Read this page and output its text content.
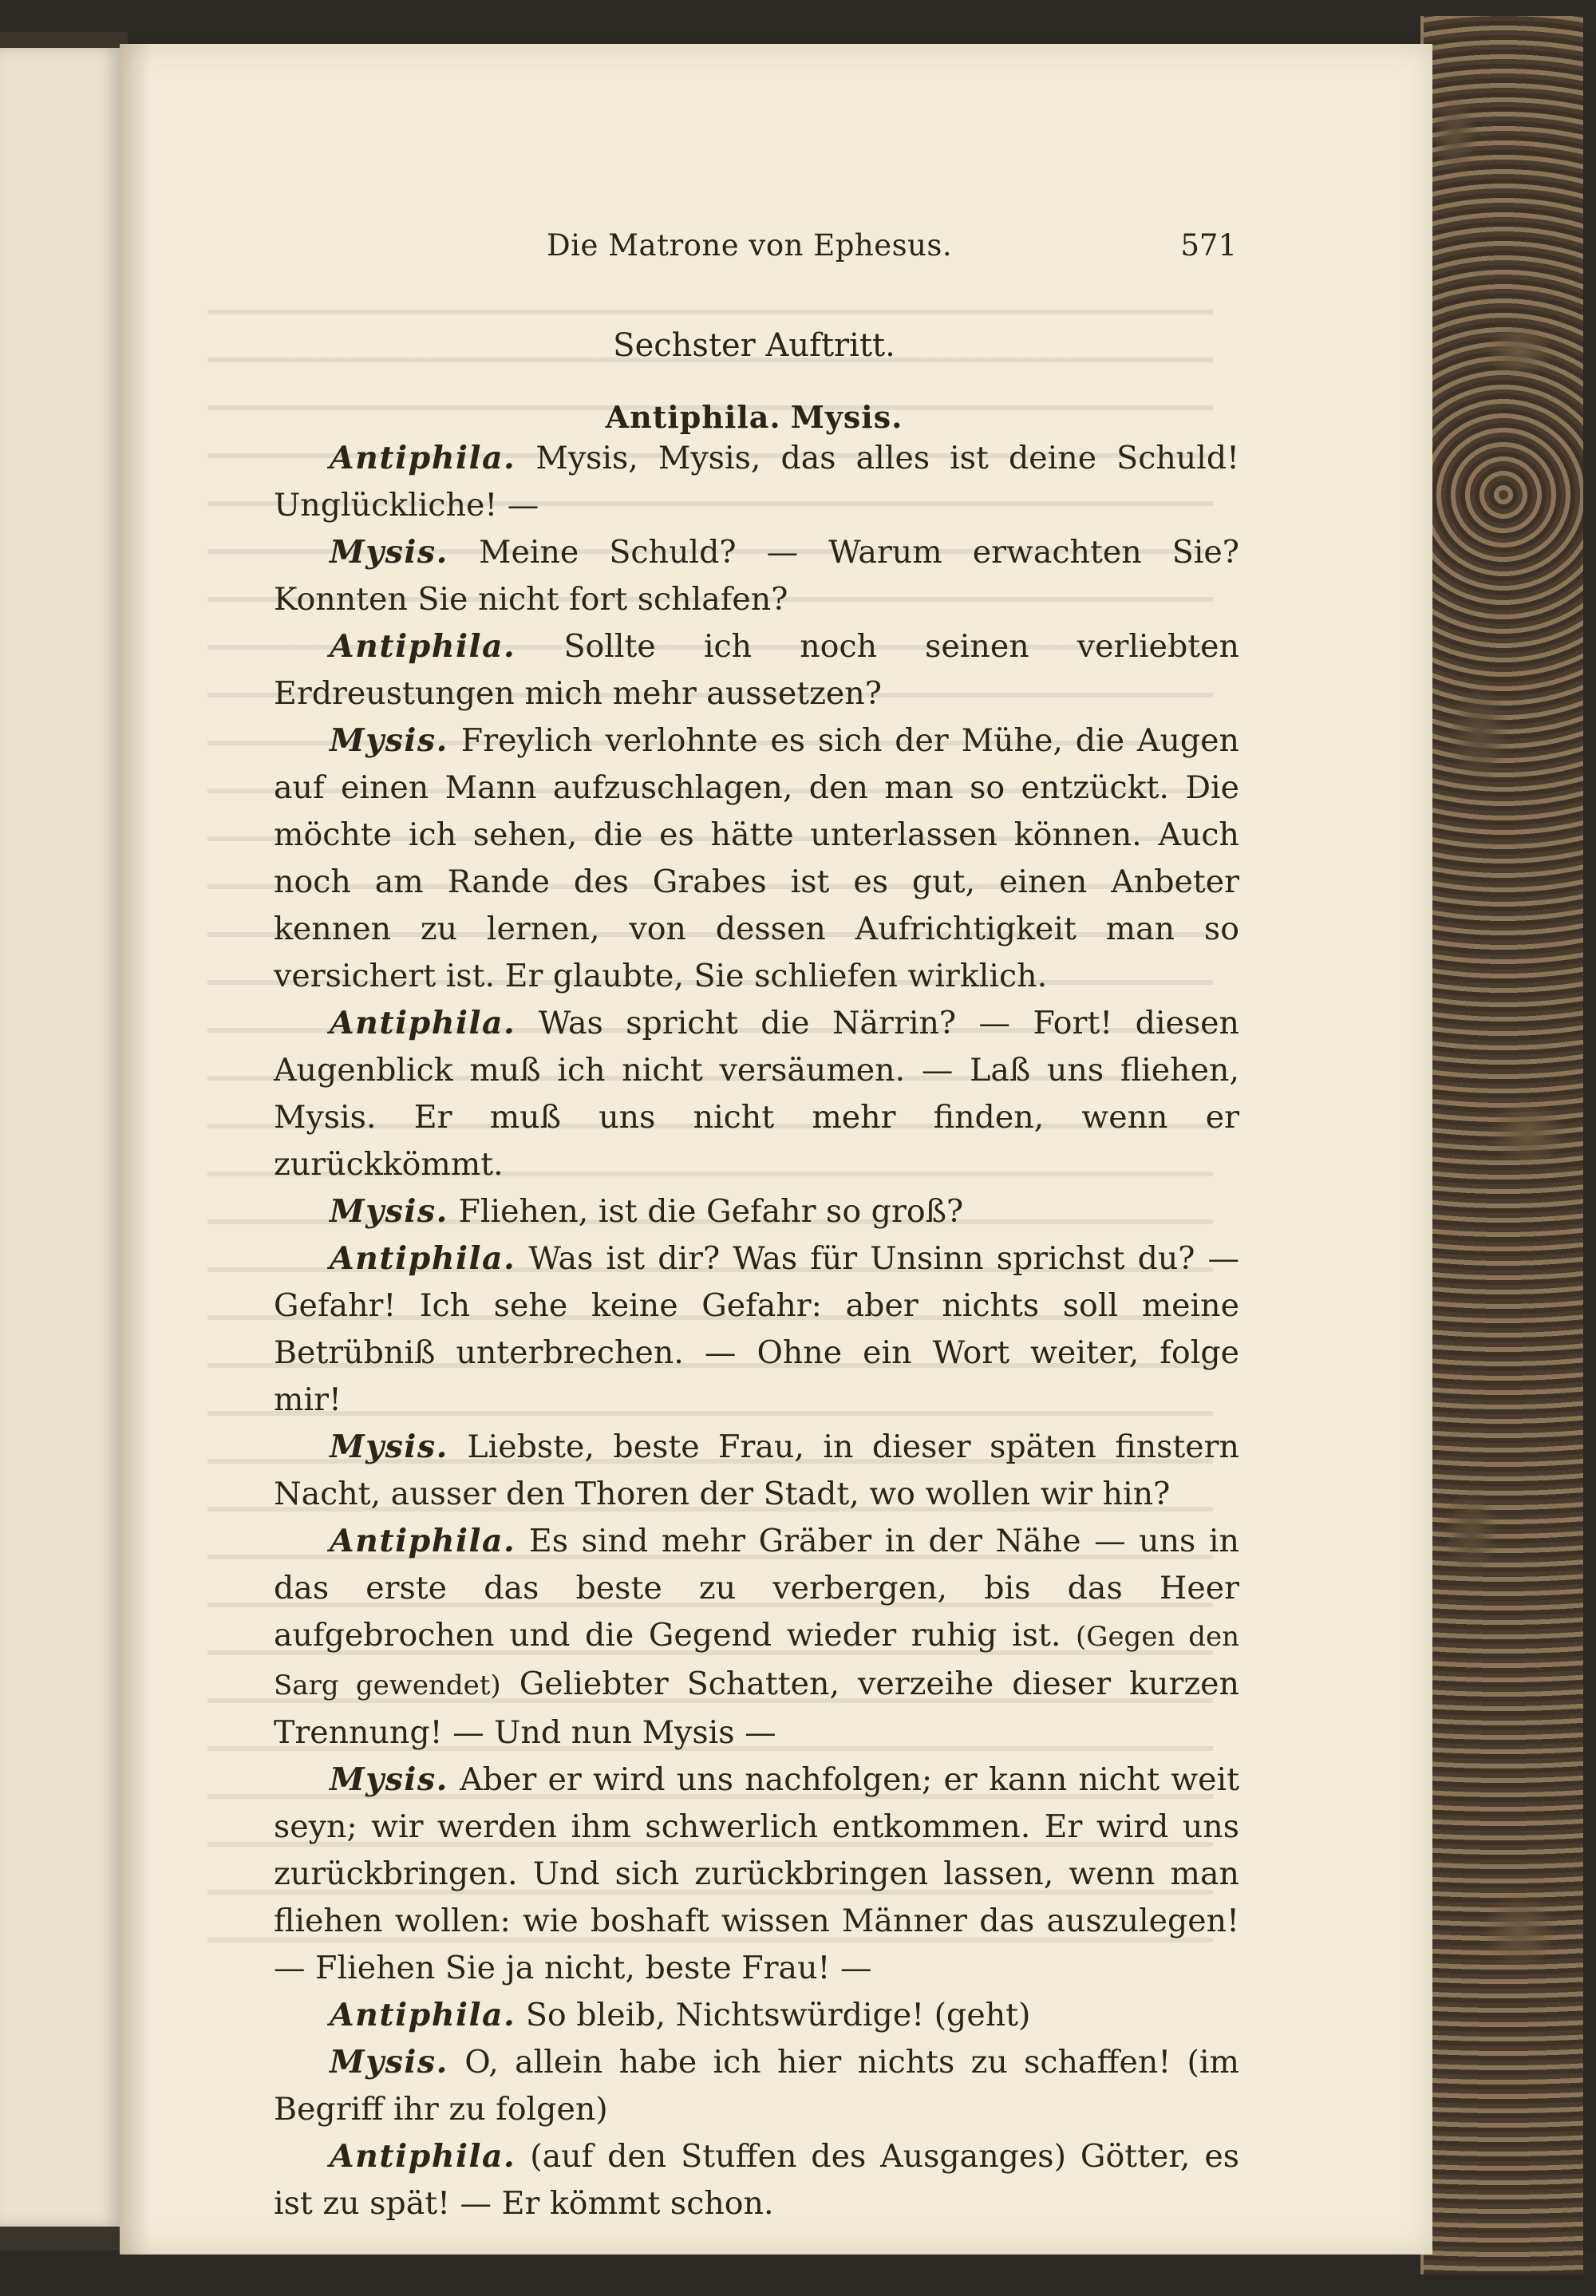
Die Matrone von Ephesus.	571
Sechster Auftritt.
Antiphila. Mysis.

Antiphila. Mysis, Mysis, das alles ist deine Schuld! Unglückliche! —

Mysis. Meine Schuld? — Warum erwachten Sie? Konnten Sie nicht fort schlafen?

Antiphila. Sollte ich noch seinen verliebten Erdreustungen mich mehr aussetzen?

Mysis. Freylich verlohnte es sich der Mühe, die Augen auf einen Mann aufzuschlagen, den man so entzückt. Die möchte ich sehen, die es hätte unterlassen können. Auch noch am Rande des Grabes ist es gut, einen Anbeter kennen zu lernen, von dessen Aufrichtigkeit man so versichert ist. Er glaubte, Sie schliefen wirklich.

Antiphila. Was spricht die Närrin? — Fort! diesen Augenblick muß ich nicht versäumen. — Laß uns fliehen, Mysis. Er muß uns nicht mehr finden, wenn er zurückkömmt.

Mysis. Fliehen, ist die Gefahr so groß?

Antiphila. Was ist dir? Was für Unsinn sprichst du? — Gefahr! Ich sehe keine Gefahr: aber nichts soll meine Betrübniß unterbrechen. — Ohne ein Wort weiter, folge mir!

Mysis. Liebste, beste Frau, in dieser späten finstern Nacht, ausser den Thoren der Stadt, wo wollen wir hin?

Antiphila. Es sind mehr Gräber in der Nähe — uns in das erste das beste zu verbergen, bis das Heer aufgebrochen und die Gegend wieder ruhig ist. (Gegen den Sarg gewendet) Geliebter Schatten, verzeihe dieser kurzen Trennung! — Und nun Mysis —

Mysis. Aber er wird uns nachfolgen; er kann nicht weit seyn; wir werden ihm schwerlich entkommen. Er wird uns zurückbringen. Und sich zurückbringen lassen, wenn man fliehen wollen: wie boshaft wissen Männer das auszulegen! — Fliehen Sie ja nicht, beste Frau! —

Antiphila. So bleib, Nichtswürdige! (geht)

Mysis. O, allein habe ich hier nichts zu schaffen! (im Begriff ihr zu folgen)

Antiphila. (auf den Stuffen des Ausganges) Götter, es ist zu spät! — Er kömmt schon.
